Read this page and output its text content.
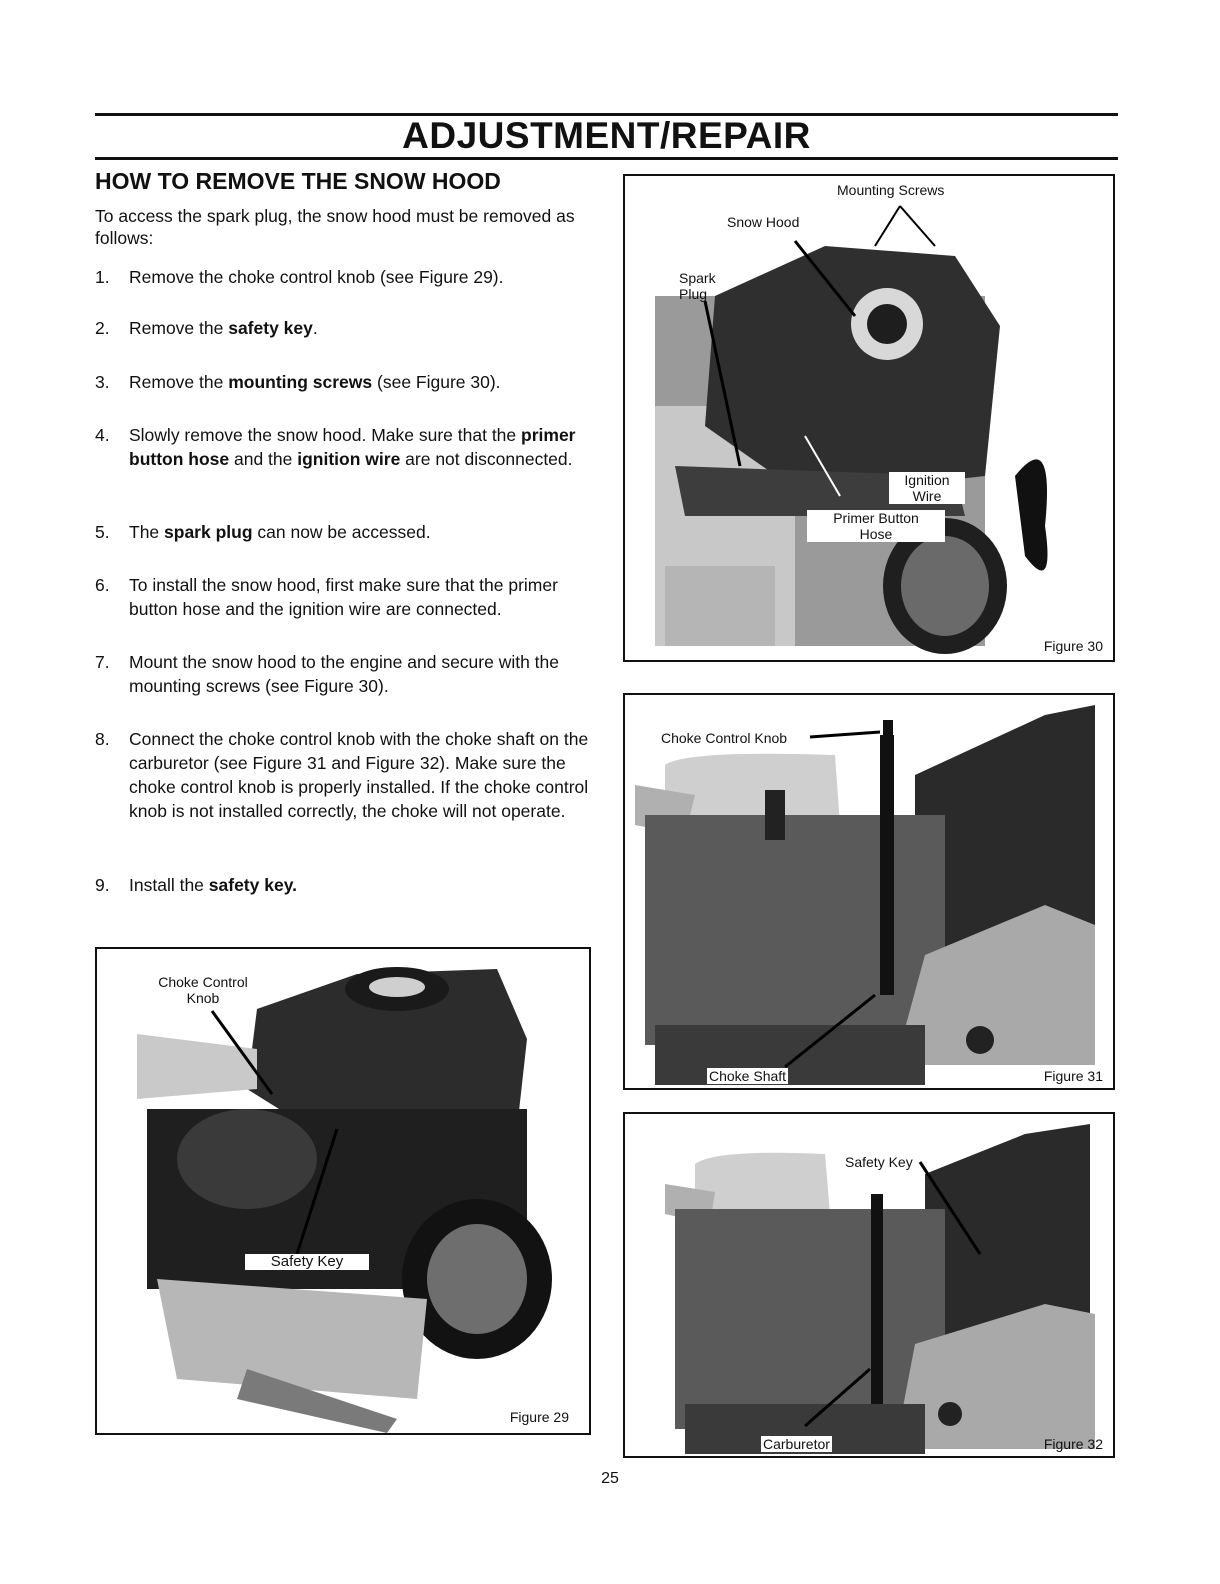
ADJUSTMENT/REPAIR
HOW TO REMOVE THE SNOW HOOD
To access the spark plug, the snow hood must be removed as follows:
1. Remove the choke control knob (see Figure 29).
2. Remove the safety key.
3. Remove the mounting screws (see Figure 30).
4. Slowly remove the snow hood. Make sure that the primer button hose and the ignition wire are not disconnected.
5. The spark plug can now be accessed.
6. To install the snow hood, first make sure that the primer button hose and the ignition wire are connected.
7. Mount the snow hood to the engine and secure with the mounting screws (see Figure 30).
8. Connect the choke control knob with the choke shaft on the carburetor (see Figure 31 and Figure 32). Make sure the choke control knob is properly installed. If the choke control knob is not installed correctly, the choke will not operate.
9. Install the safety key.
Mounting Screws
Snow Hood
Spark
Plug
Ignition
Wire
Primer Button
Hose
Figure 30
Choke Control Knob
Choke Shaft	Figure 31
Safety Key
Carburetor	Figure 32
Choke Control
Knob
Safety Key
Figure 29
25
